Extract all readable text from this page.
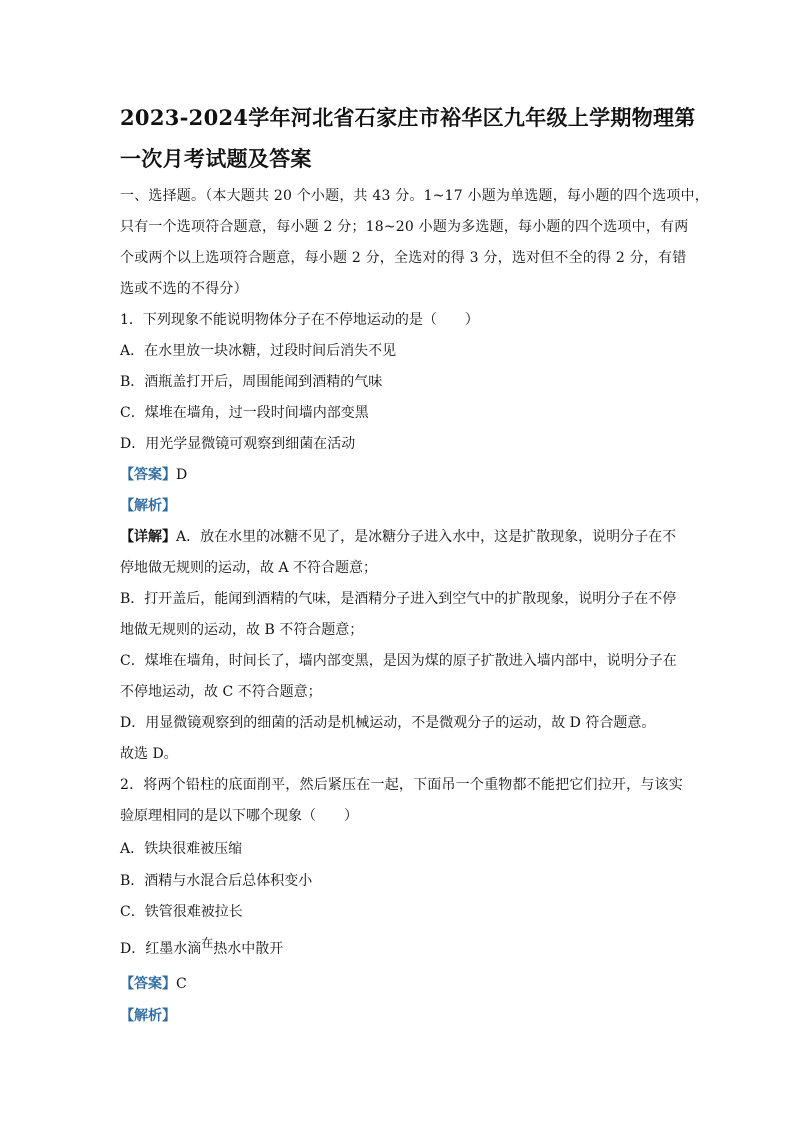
2023-2024学年河北省石家庄市裕华区九年级上学期物理第
一次月考试题及答案
一、选择题。（本大题共 20 个小题，共 43 分。1~17 小题为单选题，每小题的四个选项中，
只有一个选项符合题意，每小题 2 分；18~20 小题为多选题，每小题的四个选项中，有两
个或两个以上选项符合题意，每小题 2 分，全选对的得 3 分，选对但不全的得 2 分，有错
选或不选的不得分）
1．下列现象不能说明物体分子在不停地运动的是（　　）
A．在水里放一块冰糖，过段时间后消失不见
B．酒瓶盖打开后，周围能闻到酒精的气味
C．煤堆在墙角，过一段时间墙内部变黑
D．用光学显微镜可观察到细菌在活动
【答案】D
【解析】
【详解】A．放在水里的冰糖不见了，是冰糖分子进入水中，这是扩散现象，说明分子在不
停地做无规则的运动，故 A 不符合题意；
B．打开盖后，能闻到酒精的气味，是酒精分子进入到空气中的扩散现象，说明分子在不停
地做无规则的运动，故 B 不符合题意；
C．煤堆在墙角，时间长了，墙内部变黑，是因为煤的原子扩散进入墙内部中，说明分子在
不停地运动，故 C 不符合题意；
D．用显微镜观察到的细菌的活动是机械运动，不是微观分子的运动，故 D 符合题意。
故选 D。
2．将两个铅柱的底面削平，然后紧压在一起，下面吊一个重物都不能把它们拉开，与该实
验原理相同的是以下哪个现象（　　）
A．铁块很难被压缩
B．酒精与水混合后总体积变小
C．铁管很难被拉长
D．红墨水滴在热水中散开
【答案】C
【解析】
